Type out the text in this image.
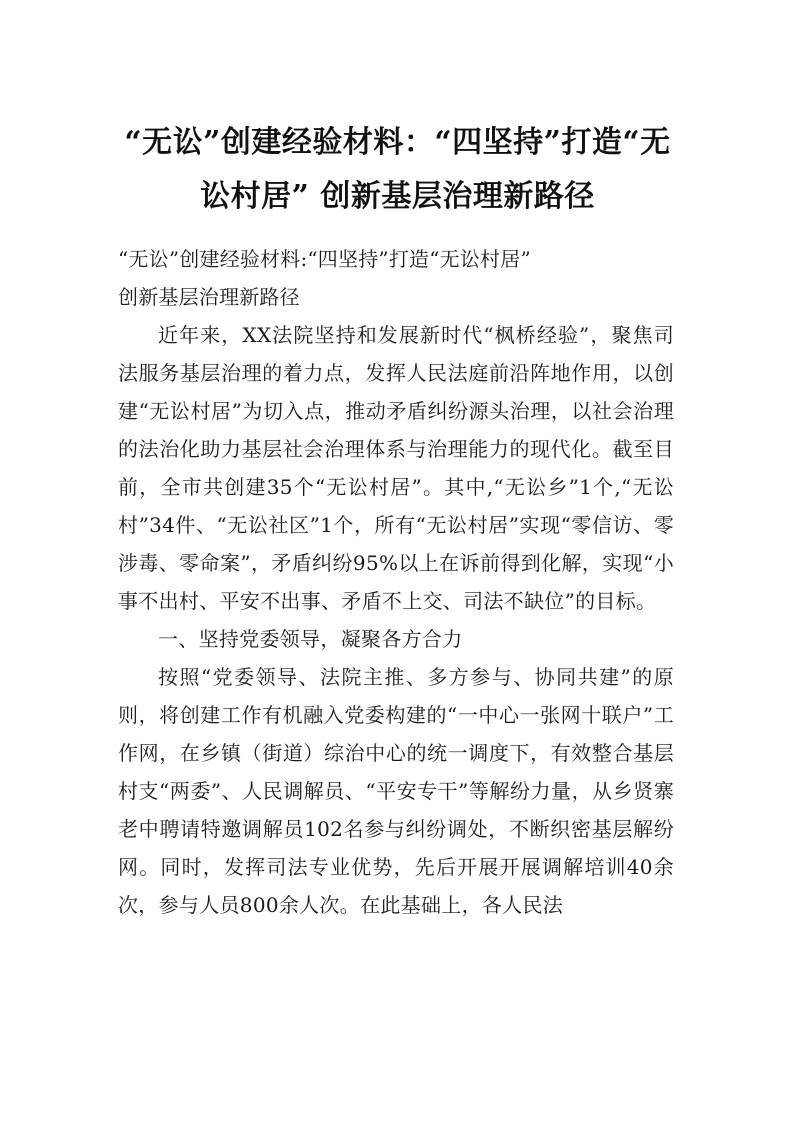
“无讼”创建经验材料：“四坚持”打造“无讼村居” 创新基层治理新路径

“无讼”创建经验材料:“四坚持”打造“无讼村居”

创新基层治理新路径

近年来，XX法院坚持和发展新时代“枫桥经验”，聚焦司法服务基层治理的着力点，发挥人民法庭前沿阵地作用，以创建“无讼村居”为切入点，推动矛盾纠纷源头治理，以社会治理的法治化助力基层社会治理体系与治理能力的现代化。截至目前，全市共创建35个“无讼村居”。其中,“无讼乡”1个,“无讼村”34件、“无讼社区”1个，所有“无讼村居”实现“零信访、零涉毒、零命案”，矛盾纠纷95%以上在诉前得到化解，实现“小事不出村、平安不出事、矛盾不上交、司法不缺位”的目标。

一、坚持党委领导，凝聚各方合力

按照“党委领导、法院主推、多方参与、协同共建”的原则，将创建工作有机融入党委构建的“一中心一张网十联户”工作网，在乡镇（街道）综治中心的统一调度下，有效整合基层村支“两委”、人民调解员、“平安专干”等解纷力量，从乡贤寨老中聘请特邀调解员102名参与纠纷调处，不断织密基层解纷网。同时，发挥司法专业优势，先后开展开展调解培训40余次，参与人员800余人次。在此基础上，各人民法
